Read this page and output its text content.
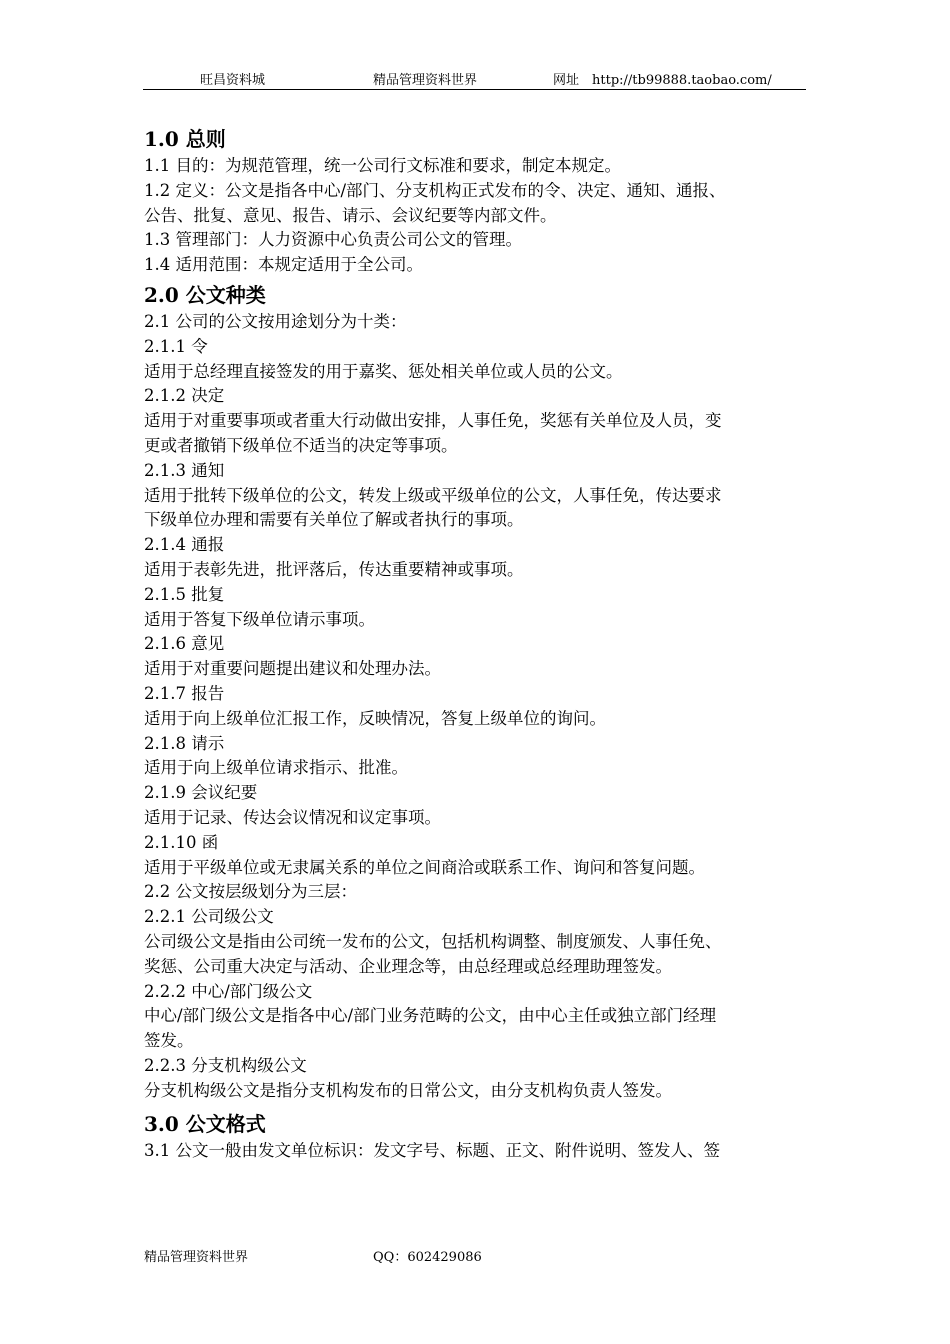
旺昌资料城	精品管理资料世界	网址　http://tb99888.taobao.com/
1.0 总则

1.1 目的：为规范管理，统一公司行文标准和要求，制定本规定。

1.2 定义：公文是指各中心/部门、分支机构正式发布的令、决定、通知、通报、

公告、批复、意见、报告、请示、会议纪要等内部文件。

1.3 管理部门：人力资源中心负责公司公文的管理。

1.4 适用范围：本规定适用于全公司。

2.0 公文种类

2.1 公司的公文按用途划分为十类：

2.1.1 令

适用于总经理直接签发的用于嘉奖、惩处相关单位或人员的公文。

2.1.2 决定

适用于对重要事项或者重大行动做出安排，人事任免，奖惩有关单位及人员，变

更或者撤销下级单位不适当的决定等事项。

2.1.3 通知

适用于批转下级单位的公文，转发上级或平级单位的公文，人事任免，传达要求

下级单位办理和需要有关单位了解或者执行的事项。

2.1.4 通报

适用于表彰先进，批评落后，传达重要精神或事项。

2.1.5 批复

适用于答复下级单位请示事项。

2.1.6 意见

适用于对重要问题提出建议和处理办法。

2.1.7 报告

适用于向上级单位汇报工作，反映情况，答复上级单位的询问。

2.1.8 请示

适用于向上级单位请求指示、批准。

2.1.9 会议纪要

适用于记录、传达会议情况和议定事项。

2.1.10 函

适用于平级单位或无隶属关系的单位之间商洽或联系工作、询问和答复问题。

2.2 公文按层级划分为三层：

2.2.1 公司级公文

公司级公文是指由公司统一发布的公文，包括机构调整、制度颁发、人事任免、

奖惩、公司重大决定与活动、企业理念等，由总经理或总经理助理签发。

2.2.2 中心/部门级公文

中心/部门级公文是指各中心/部门业务范畴的公文，由中心主任或独立部门经理

签发。

2.2.3 分支机构级公文

分支机构级公文是指分支机构发布的日常公文，由分支机构负责人签发。

3.0 公文格式

3.1 公文一般由发文单位标识：发文字号、标题、正文、附件说明、签发人、签

精品管理资料世界	QQ：602429086
